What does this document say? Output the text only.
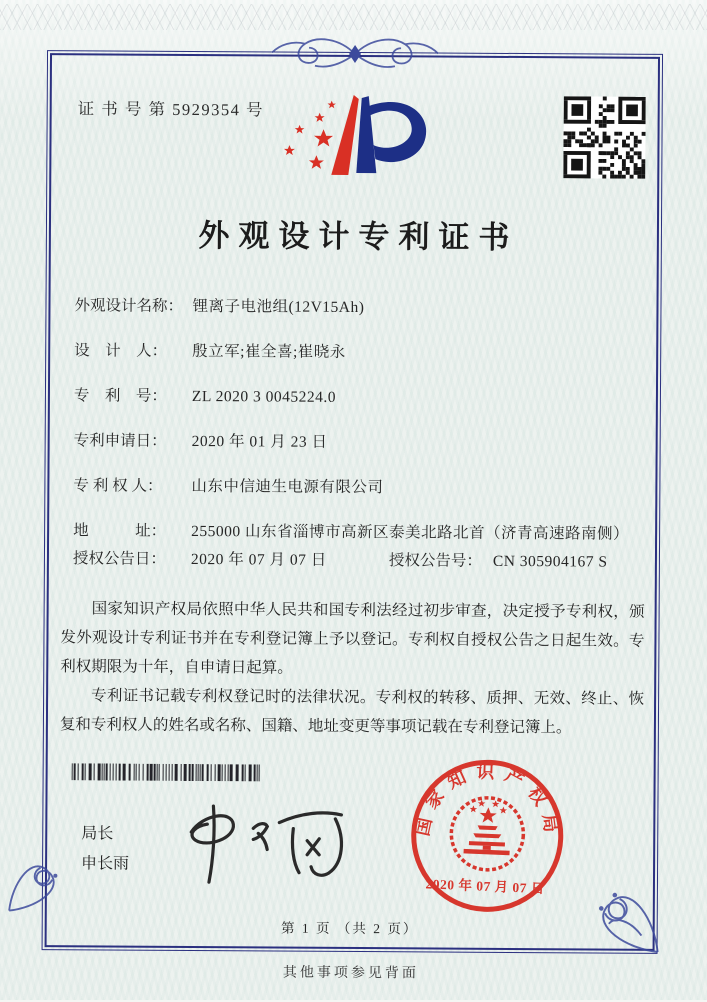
证 书 号 第 5929354 号
外观设计专利证书
外观设计名称： 锂离子电池组(12V15Ah)
设　计　人：	殷立军;崔全喜;崔晓永
专　利　号：	ZL 2020 3 0045224.0
专利申请日：	2020 年 01 月 23 日
专 利 权 人：	山东中信迪生电源有限公司
地　　　址：	255000 山东省淄博市高新区泰美北路北首（济青高速路南侧）
授权公告日：	2020 年 07 月 07 日	授权公告号： CN 305904167 S

国家知识产权局依照中华人民共和国专利法经过初步审查，决定授予专利权，颁发外观设计专利证书并在专利登记簿上予以登记。专利权自授权公告之日起生效。专利权期限为十年，自申请日起算。

专利证书记载专利权登记时的法律状况。专利权的转移、质押、无效、终止、恢复和专利权人的姓名或名称、国籍、地址变更等事项记载在专利登记簿上。

局长
申长雨
国家知识产权局
2020 年 07 月 07 日
第 1 页 （共 2 页）
其他事项参见背面
